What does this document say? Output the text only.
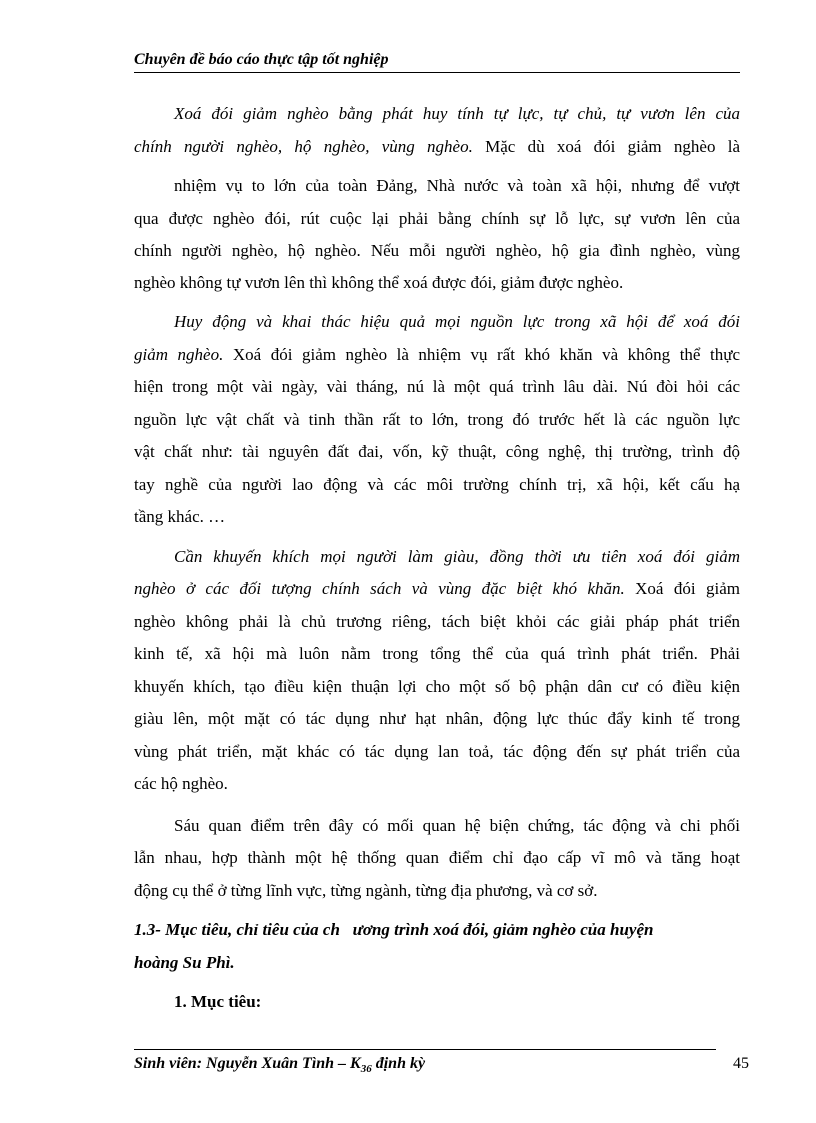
Chuyên đề báo cáo thực tập tốt nghiệp
Xoá đói giảm nghèo bằng phát huy tính tự lực, tự chủ, tự vươn lên của
chính người nghèo, hộ nghèo, vùng nghèo. Mặc dù xoá đói giảm nghèo là
nhiệm vụ to lớn của toàn Đảng, Nhà nước và toàn xã hội, nhưng để vượt
qua được nghèo đói, rút cuộc lại phải bằng chính sự lỗ lực, sự vươn lên của
chính người nghèo, hộ nghèo. Nếu mỗi người nghèo, hộ gia đình nghèo, vùng
nghèo không tự vươn lên thì không thể xoá được đói, giảm được nghèo.
Huy động và khai thác hiệu quả mọi nguồn lực trong xã hội để xoá đói
giảm nghèo. Xoá đói giảm nghèo là nhiệm vụ rất khó khăn và không thể thực
hiện trong một vài ngày, vài tháng, nú là một quá trình lâu dài. Nú đòi hỏi các
nguồn lực vật chất và tinh thần rất to lớn, trong đó trước hết là các nguồn lực
vật chất như: tài nguyên đất đai, vốn, kỹ thuật, công nghệ, thị trường, trình độ
tay nghề của người lao động và các môi trường chính trị, xã hội, kết cấu hạ
tầng khác. …
Cần khuyến khích mọi người làm giàu, đồng thời ưu tiên xoá đói giảm
nghèo ở các đối tượng chính sách và vùng đặc biệt khó khăn. Xoá đói giảm
nghèo không phải là chủ trương riêng, tách biệt khỏi các giải pháp phát triển
kinh tế, xã hội mà luôn nằm trong tổng thể của quá trình phát triển. Phải
khuyến khích, tạo điều kiện thuận lợi cho một số bộ phận dân cư có điều kiện
giàu lên, một mặt có tác dụng như hạt nhân, động lực thúc đẩy kinh tế trong
vùng phát triển, mặt khác có tác dụng lan toả, tác động đến sự phát triển của
các hộ nghèo.
Sáu quan điểm trên đây có mối quan hệ biện chứng, tác động và chi phối
lẫn nhau, hợp thành một hệ thống quan điểm chỉ đạo cấp vĩ mô và tăng hoạt
động cụ thể ở từng lĩnh vực, từng ngành, từng địa phương, và cơ sở.
1.3- Mục tiêu, chỉ tiêu của ch   ương trình xoá đói, giảm nghèo của huyện
hoàng Su Phì.
1. Mục tiêu:
Sinh viên: Nguyễn Xuân Tình – $K_{36}$ định kỳ	45
